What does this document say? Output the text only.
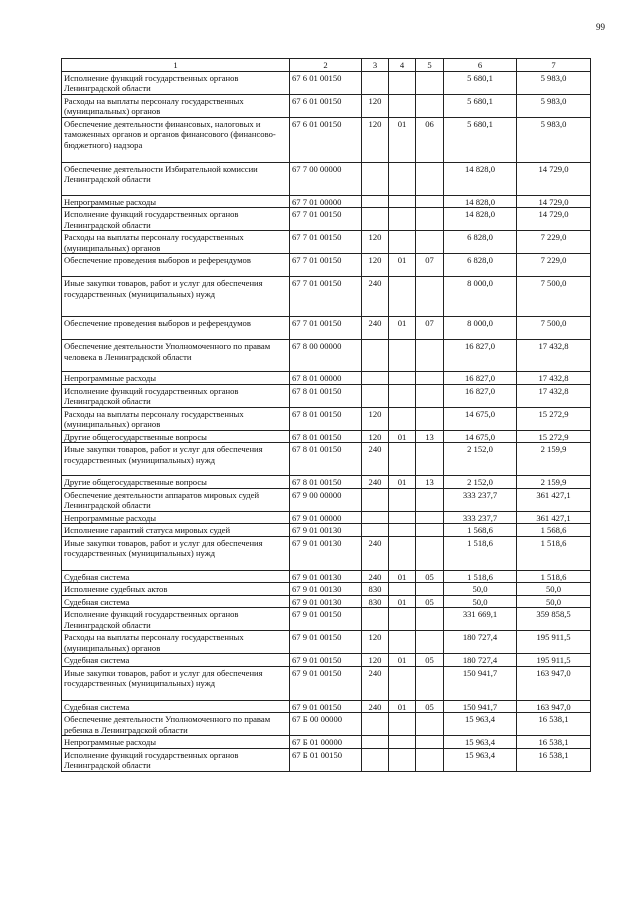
99
1	2	3	4	5	6	7
Исполнение функций государственных органов Ленинградской области	67 6 01 00150				5 680,1	5 983,0
Расходы на выплаты персоналу государственных (муниципальных) органов	67 6 01 00150	120			5 680,1	5 983,0
Обеспечение деятельности финансовых, налоговых и таможенных органов и органов финансового (финансово-бюджетного) надзора	67 6 01 00150	120	01	06	5 680,1	5 983,0
Обеспечение деятельности Избирательной комиссии Ленинградской области	67 7 00 00000				14 828,0	14 729,0
Непрограммные расходы	67 7 01 00000				14 828,0	14 729,0
Исполнение функций государственных органов Ленинградской области	67 7 01 00150				14 828,0	14 729,0
Расходы на выплаты персоналу государственных (муниципальных) органов	67 7 01 00150	120			6 828,0	7 229,0
Обеспечение проведения выборов и референдумов	67 7 01 00150	120	01	07	6 828,0	7 229,0
Иные закупки товаров, работ и услуг для обеспечения государственных (муниципальных) нужд	67 7 01 00150	240			8 000,0	7 500,0
Обеспечение проведения выборов и референдумов	67 7 01 00150	240	01	07	8 000,0	7 500,0
Обеспечение деятельности Уполномоченного по правам человека в Ленинградской области	67 8 00 00000				16 827,0	17 432,8
Непрограммные расходы	67 8 01 00000				16 827,0	17 432,8
Исполнение функций государственных органов Ленинградской области	67 8 01 00150				16 827,0	17 432,8
Расходы на выплаты персоналу государственных (муниципальных) органов	67 8 01 00150	120			14 675,0	15 272,9
Другие общегосударственные вопросы	67 8 01 00150	120	01	13	14 675,0	15 272,9
Иные закупки товаров, работ и услуг для обеспечения государственных (муниципальных) нужд	67 8 01 00150	240			2 152,0	2 159,9
Другие общегосударственные вопросы	67 8 01 00150	240	01	13	2 152,0	2 159,9
Обеспечение деятельности аппаратов мировых судей Ленинградской области	67 9 00 00000				333 237,7	361 427,1
Непрограммные расходы	67 9 01 00000				333 237,7	361 427,1
Исполнение гарантий статуса мировых судей	67 9 01 00130				1 568,6	1 568,6
Иные закупки товаров, работ и услуг для обеспечения государственных (муниципальных) нужд	67 9 01 00130	240			1 518,6	1 518,6
Судебная система	67 9 01 00130	240	01	05	1 518,6	1 518,6
Исполнение судебных актов	67 9 01 00130	830			50,0	50,0
Судебная система	67 9 01 00130	830	01	05	50,0	50,0
Исполнение функций государственных органов Ленинградской области	67 9 01 00150				331 669,1	359 858,5
Расходы на выплаты персоналу государственных (муниципальных) органов	67 9 01 00150	120			180 727,4	195 911,5
Судебная система	67 9 01 00150	120	01	05	180 727,4	195 911,5
Иные закупки товаров, работ и услуг для обеспечения государственных (муниципальных) нужд	67 9 01 00150	240			150 941,7	163 947,0
Судебная система	67 9 01 00150	240	01	05	150 941,7	163 947,0
Обеспечение деятельности Уполномоченного по правам ребенка в Ленинградской области	67 Б 00 00000				15 963,4	16 538,1
Непрограммные расходы	67 Б 01 00000				15 963,4	16 538,1
Исполнение функций государственных органов Ленинградской области	67 Б 01 00150				15 963,4	16 538,1
